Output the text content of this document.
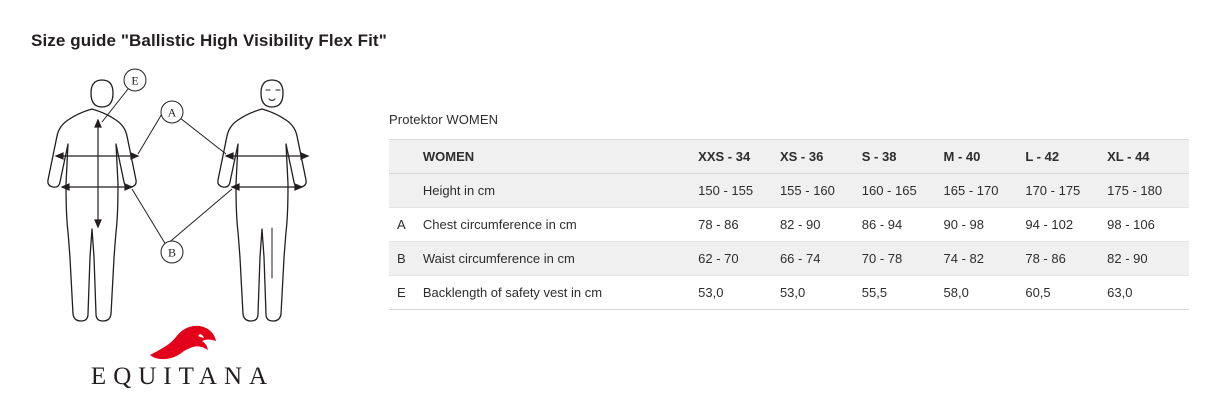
Size guide "Ballistic High Visibility Flex Fit"
E
A
B
EQUITANA
Protektor WOMEN
	WOMEN	XXS - 34	XS - 36	S - 38	M - 40	L - 42	XL - 44
	Height in cm	150 - 155	155 - 160	160 - 165	165 - 170	170 - 175	175 - 180
A	Chest circumference in cm	78 - 86	82 - 90	86 - 94	90 - 98	94 - 102	98 - 106
B	Waist circumference in cm	62 - 70	66 - 74	70 - 78	74 - 82	78 - 86	82 - 90
E	Backlength of safety vest in cm	53,0	53,0	55,5	58,0	60,5	63,0
